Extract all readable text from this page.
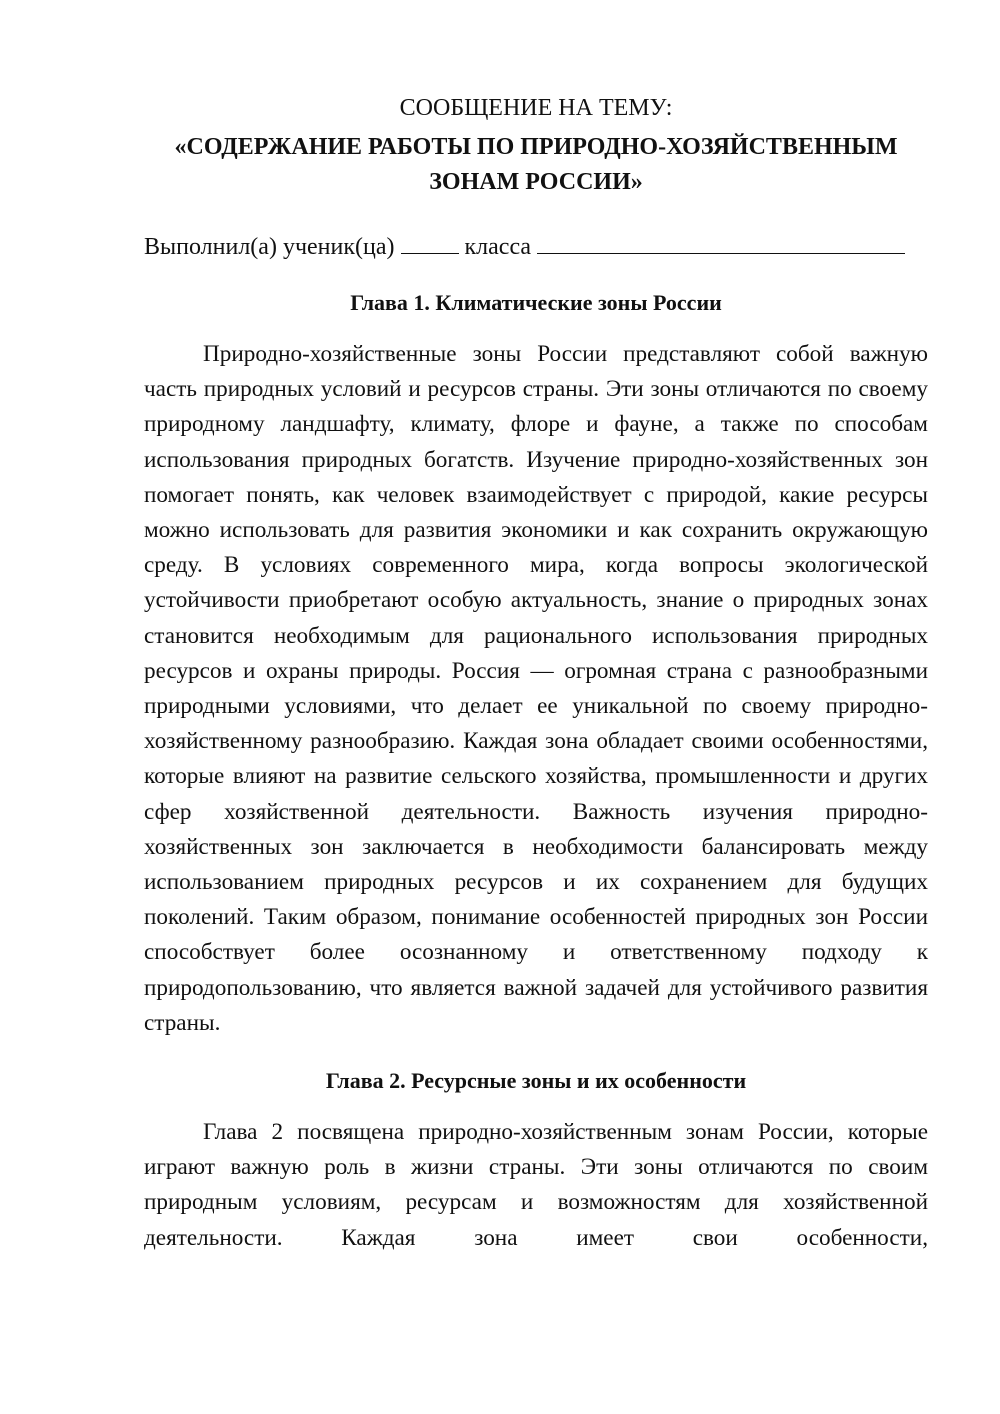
СООБЩЕНИЕ НА ТЕМУ:

«СОДЕРЖАНИЕ РАБОТЫ ПО ПРИРОДНО-ХОЗЯЙСТВЕННЫМ
ЗОНАМ РОССИИ»

Выполнил(а) ученик(ца)	класса

Глава 1. Климатические зоны России

Природно-хозяйственные зоны России представляют собой важную часть природных условий и ресурсов страны. Эти зоны отличаются по своему природному ландшафту, климату, флоре и фауне, а также по способам использования природных богатств. Изучение природно-хозяйственных зон помогает понять, как человек взаимодействует с природой, какие ресурсы можно использовать для развития экономики и как сохранить окружающую среду. В условиях современного мира, когда вопросы экологической устойчивости приобретают особую актуальность, знание о природных зонах становится необходимым для рационального использования природных ресурсов и охраны природы. Россия — огромная страна с разнообразными природными условиями, что делает ее уникальной по своему природно-хозяйственному разнообразию. Каждая зона обладает своими особенностями, которые влияют на развитие сельского хозяйства, промышленности и других сфер хозяйственной деятельности. Важность изучения природно-хозяйственных зон заключается в необходимости балансировать между использованием природных ресурсов и их сохранением для будущих поколений. Таким образом, понимание особенностей природных зон России способствует более осознанному и ответственному подходу к природопользованию, что является важной задачей для устойчивого развития страны.

Глава 2. Ресурсные зоны и их особенности

Глава 2 посвящена природно-хозяйственным зонам России, которые играют важную роль в жизни страны. Эти зоны отличаются по своим природным условиям, ресурсам и возможностям для хозяйственной деятельности. Каждая зона имеет свои особенности,
